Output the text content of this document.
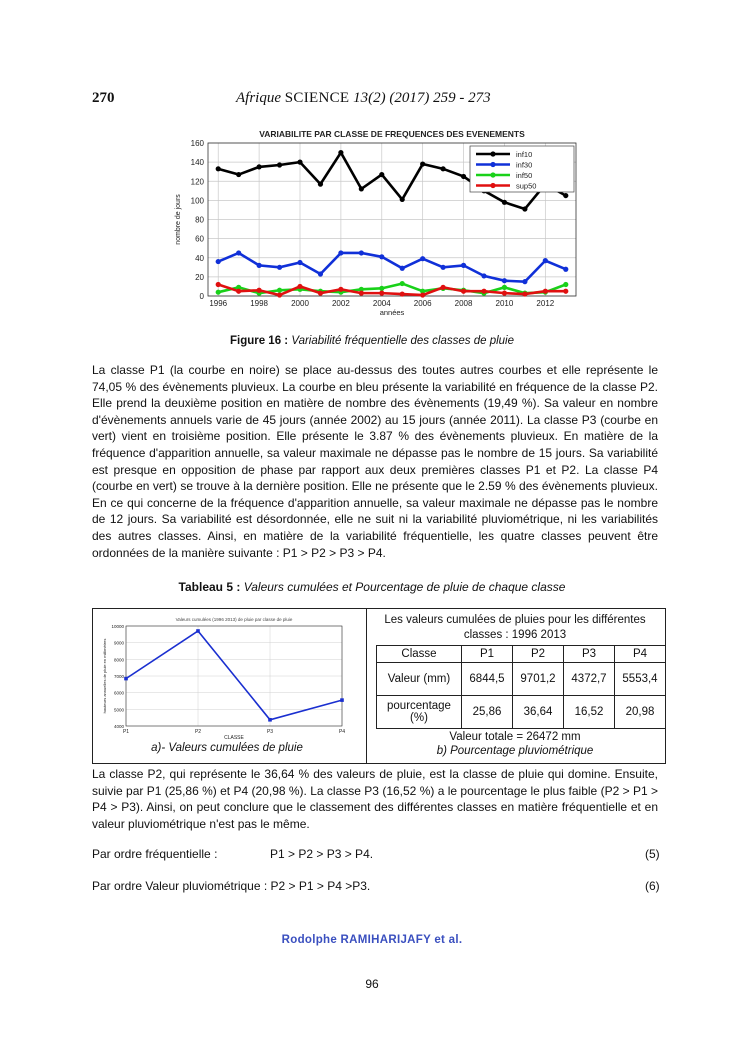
270	Afrique SCIENCE 13(2) (2017) 259 - 273
VARIABILITE PAR CLASSE DE FREQUENCES DES EVENEMENTS
0
20
40
60
80
100
120
140
160
1996	1998	2000	2002	2004	2006	2008	2010	2012
années
nombre de jours
inf10
inf30
inf50
sup50
Figure 16 : Variabilité fréquentielle des classes de pluie
La classe P1 (la courbe en noire) se place au-dessus des toutes autres courbes et elle représente le 74,05 % des évènements pluvieux. La courbe en bleu présente la variabilité en fréquence de la classe P2. Elle prend la deuxième position en matière de nombre des évènements (19,49 %). Sa valeur en nombre d'évènements annuels varie de 45 jours (année 2002) au 15 jours (année 2011). La classe P3 (courbe en vert) vient en troisième position. Elle présente le 3.87 % des évènements pluvieux. En matière de la fréquence d'apparition annuelle, sa valeur maximale ne dépasse pas le nombre de 15 jours. Sa variabilité est presque en opposition de phase par rapport aux deux premières classes P1 et P2. La classe P4 (courbe en vert) se trouve à la dernière position. Elle ne présente que le 2.59 % des évènements pluvieux. En ce qui concerne de la fréquence d'apparition annuelle, sa valeur maximale ne dépasse pas le nombre de 12 jours. Sa variabilité est désordonnée, elle ne suit ni la variabilité pluviométrique, ni les variabilités des autres classes. Ainsi, en matière de la variabilité fréquentielle, les quatre classes peuvent être ordonnées de la manière suivante : P1 > P2 > P3 > P4.
Tableau 5 : Valeurs cumulées et Pourcentage de pluie de chaque classe
Valeurs cumulées (1996 2013) de pluie par classe de pluie
4000
5000
6000
7000
8000
9000
10000
P1	P2	P3	P4
CLASSE
hauteurs annuelles de pluie en millimètres
a)- Valeurs cumulées de pluie
Les valeurs cumulées de pluies pour les différentes classes : 1996 2013
Classe	P1	P2	P3	P4
Valeur (mm)	6844,5	9701,2	4372,7	5553,4
pourcentage (%)	25,86	36,64	16,52	20,98
Valeur totale = 26472 mm
b) Pourcentage pluviométrique
La classe P2, qui représente le 36,64 % des valeurs de pluie, est la classe de pluie qui domine. Ensuite, suivie par P1 (25,86 %) et P4 (20,98 %). La classe P3 (16,52 %) a le pourcentage le plus faible (P2 > P1 > P4 > P3). Ainsi, on peut conclure que le classement des différentes classes en matière fréquentielle et en valeur pluviométrique n'est pas le même.
Par ordre fréquentielle :	P1 > P2 > P3 > P4.	(5)
Par ordre Valeur pluviométrique : P2 > P1 > P4 >P3.	(6)
Rodolphe RAMIHARIJAFY et al.
96
